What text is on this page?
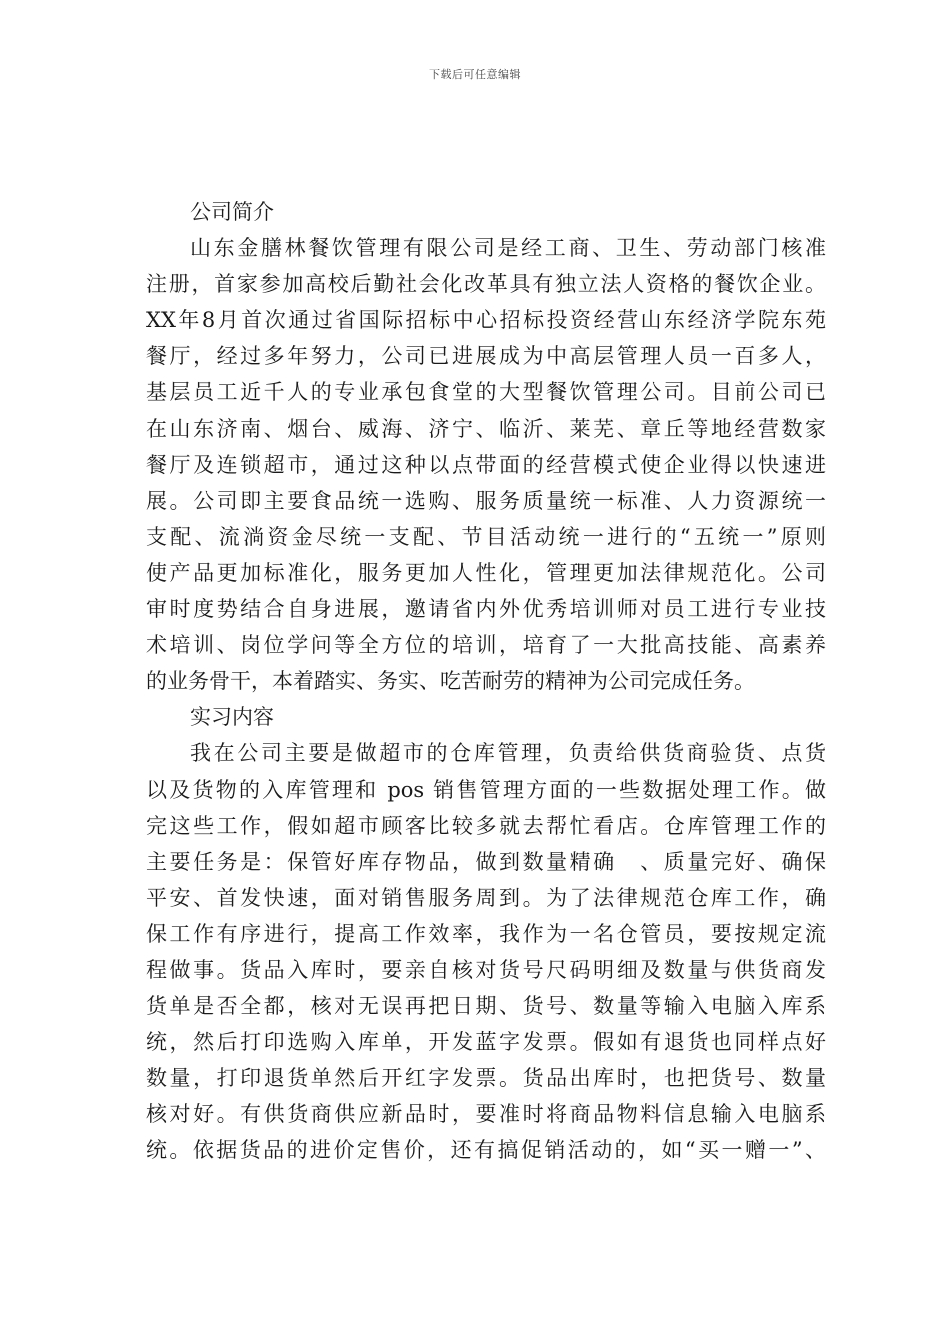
下载后可任意编辑
公司简介
山东金膳林餐饮管理有限公司是经工商、卫生、劳动部门核准
注册，首家参加高校后勤社会化改革具有独立法人资格的餐饮企业。
XX年8月首次通过省国际招标中心招标投资经营山东经济学院东苑
餐厅，经过多年努力，公司已进展成为中高层管理人员一百多人，
基层员工近千人的专业承包食堂的大型餐饮管理公司。目前公司已
在山东济南、烟台、威海、济宁、临沂、莱芜、章丘等地经营数家
餐厅及连锁超市，通过这种以点带面的经营模式使企业得以快速进
展。公司即主要食品统一选购、服务质量统一标准、人力资源统一
支配、流淌资金尽统一支配、节目活动统一进行的“五统一”原则
使产品更加标准化，服务更加人性化，管理更加法律规范化。公司
审时度势结合自身进展，邀请省内外优秀培训师对员工进行专业技
术培训、岗位学问等全方位的培训，培育了一大批高技能、高素养
的业务骨干，本着踏实、务实、吃苦耐劳的精神为公司完成任务。
实习内容
我在公司主要是做超市的仓库管理，负责给供货商验货、点货
以及货物的入库管理和 pos 销售管理方面的一些数据处理工作。做
完这些工作，假如超市顾客比较多就去帮忙看店。仓库管理工作的
主要任务是：保管好库存物品，做到数量精确　、质量完好、确保
平安、首发快速，面对销售服务周到。为了法律规范仓库工作，确
保工作有序进行，提高工作效率，我作为一名仓管员，要按规定流
程做事。货品入库时，要亲自核对货号尺码明细及数量与供货商发
货单是否全都，核对无误再把日期、货号、数量等输入电脑入库系
统，然后打印选购入库单，开发蓝字发票。假如有退货也同样点好
数量，打印退货单然后开红字发票。货品出库时，也把货号、数量
核对好。有供货商供应新品时，要准时将商品物料信息输入电脑系
统。依据货品的进价定售价，还有搞促销活动的，如“买一赠一”、
